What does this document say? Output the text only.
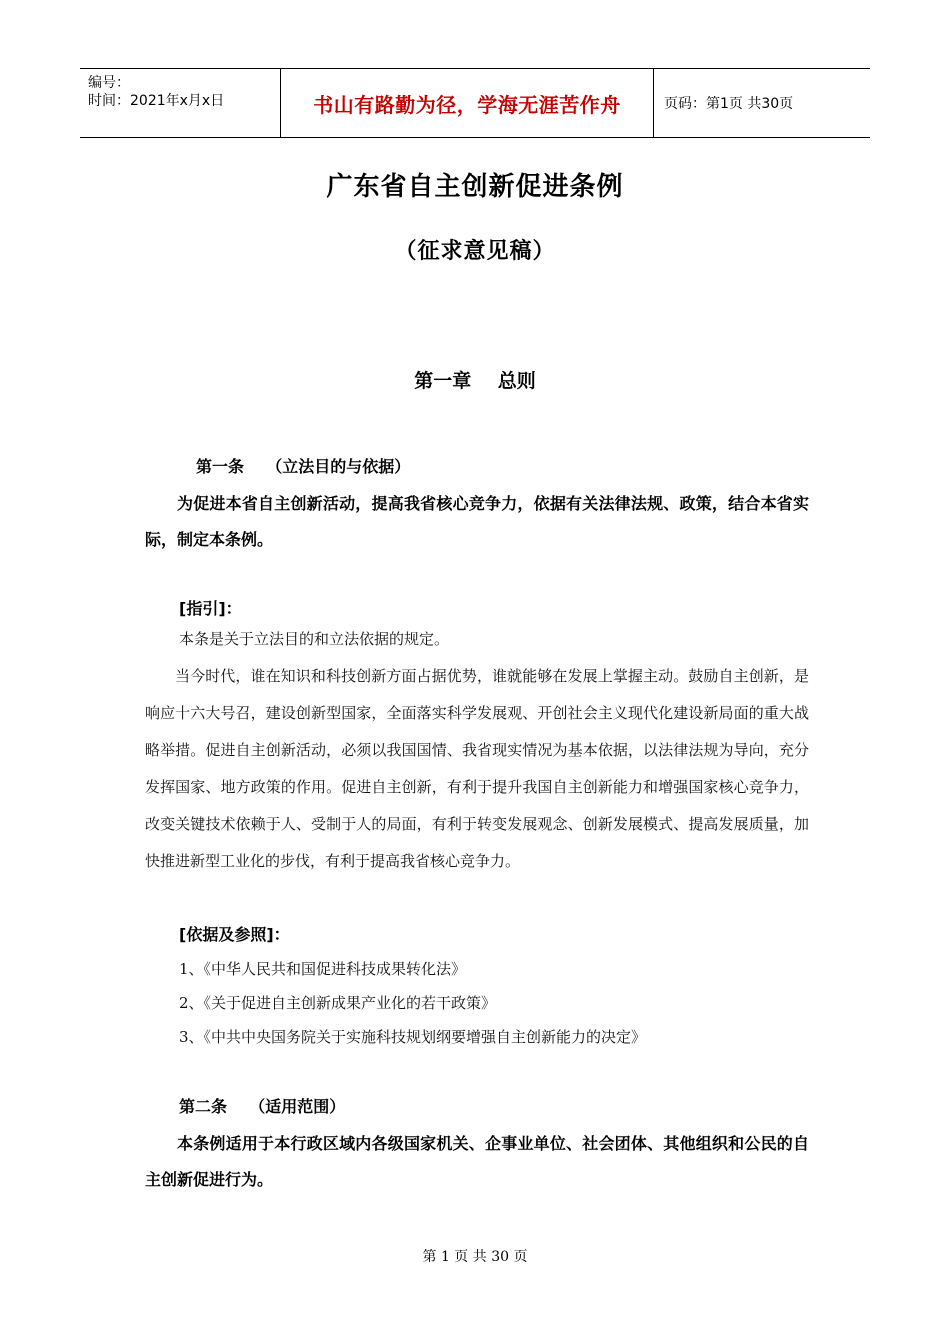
编号：
时间：2021年x月x日	书山有路勤为径，学海无涯苦作舟	页码：第1页 共30页
广东省自主创新促进条例
（征求意见稿）
第一章    总则
第一条    （立法目的与依据）
为促进本省自主创新活动，提高我省核心竞争力，依据有关法律法规、政策，结合本省实际，制定本条例。
[指引]：
本条是关于立法目的和立法依据的规定。
当今时代，谁在知识和科技创新方面占据优势，谁就能够在发展上掌握主动。鼓励自主创新，是响应十六大号召，建设创新型国家，全面落实科学发展观、开创社会主义现代化建设新局面的重大战略举措。促进自主创新活动，必须以我国国情、我省现实情况为基本依据，以法律法规为导向，充分发挥国家、地方政策的作用。促进自主创新，有利于提升我国自主创新能力和增强国家核心竞争力，改变关键技术依赖于人、受制于人的局面，有利于转变发展观念、创新发展模式、提高发展质量，加快推进新型工业化的步伐，有利于提高我省核心竞争力。
[依据及参照]：
1、《中华人民共和国促进科技成果转化法》
2、《关于促进自主创新成果产业化的若干政策》
3、《中共中央国务院关于实施科技规划纲要增强自主创新能力的决定》
第二条    （适用范围）
本条例适用于本行政区域内各级国家机关、企事业单位、社会团体、其他组织和公民的自主创新促进行为。
第 1 页 共 30 页
